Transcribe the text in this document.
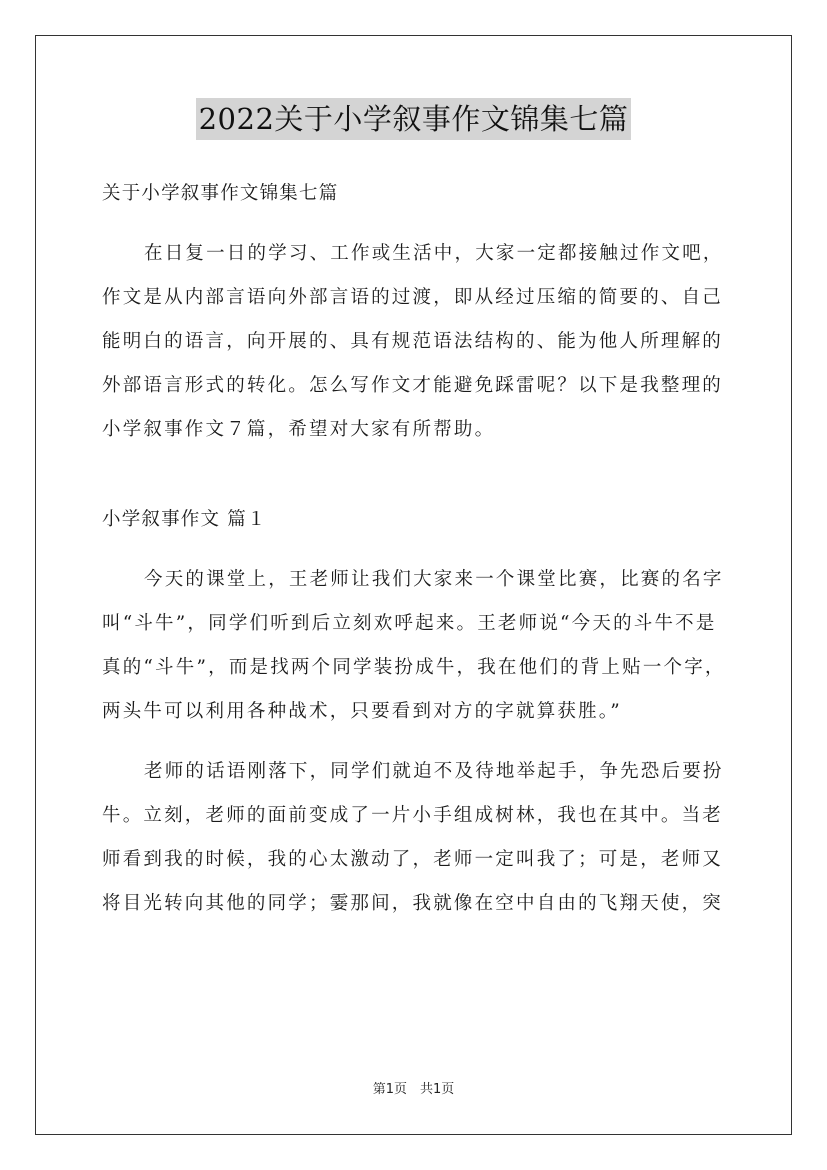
2022关于小学叙事作文锦集七篇
关于小学叙事作文锦集七篇
在日复一日的学习、工作或生活中，大家一定都接触过作文吧，
作文是从内部言语向外部言语的过渡，即从经过压缩的简要的、自己
能明白的语言，向开展的、具有规范语法结构的、能为他人所理解的
外部语言形式的转化。怎么写作文才能避免踩雷呢？以下是我整理的
小学叙事作文７篇，希望对大家有所帮助。
小学叙事作文 篇１
今天的课堂上，王老师让我们大家来一个课堂比赛，比赛的名字
叫“斗牛”，同学们听到后立刻欢呼起来。王老师说“今天的斗牛不是
真的“斗牛”，而是找两个同学装扮成牛，我在他们的背上贴一个字，
两头牛可以利用各种战术，只要看到对方的字就算获胜。”
老师的话语刚落下，同学们就迫不及待地举起手，争先恐后要扮
牛。立刻，老师的面前变成了一片小手组成树林，我也在其中。当老
师看到我的时候，我的心太激动了，老师一定叫我了；可是，老师又
将目光转向其他的同学；霎那间，我就像在空中自由的飞翔天使，突
第1页　共1页
